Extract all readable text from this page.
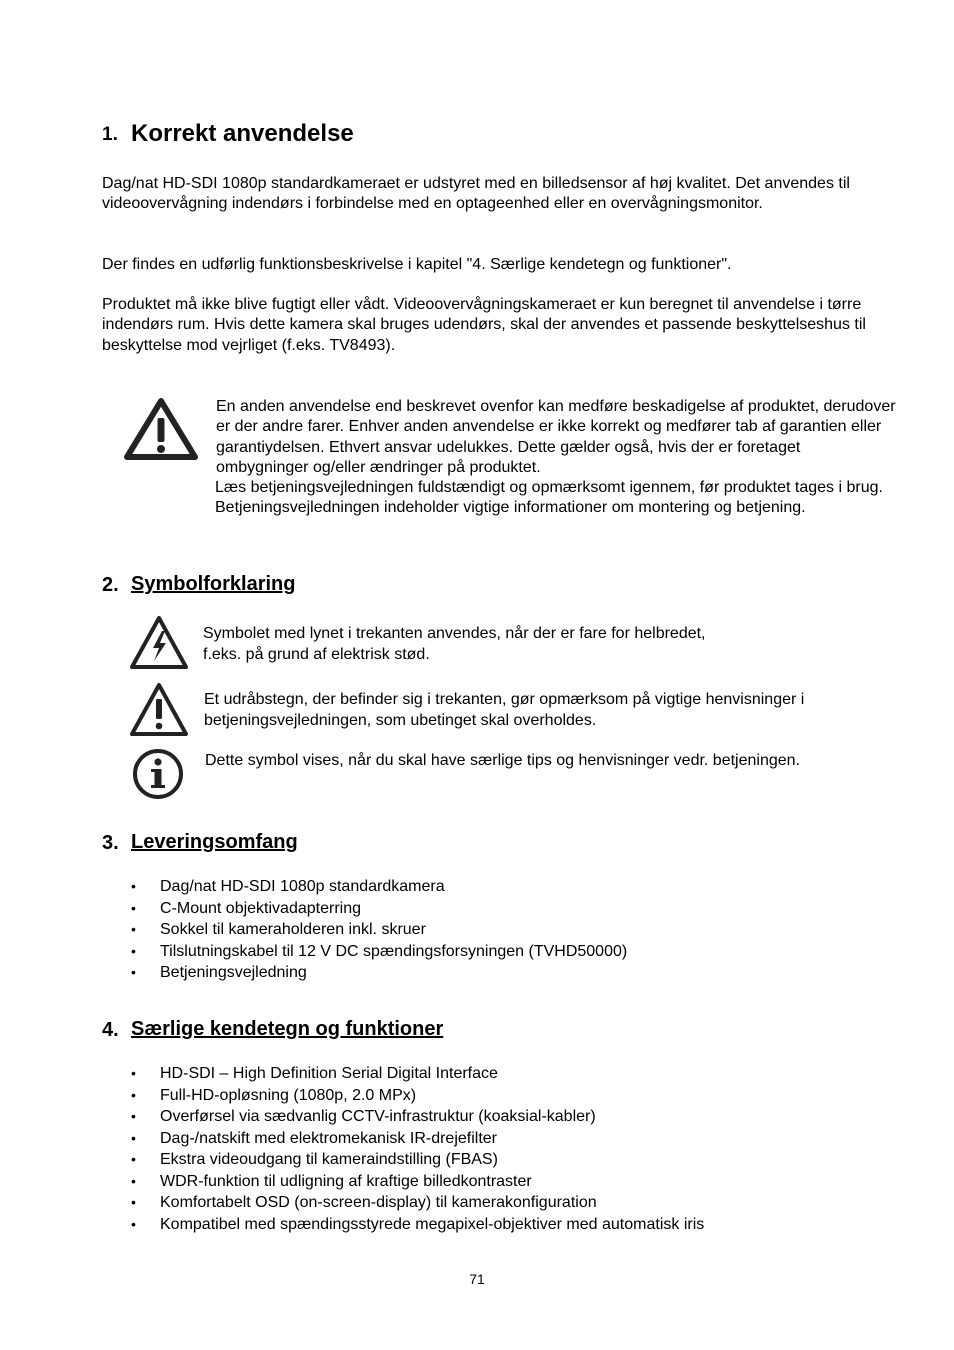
1. Korrekt anvendelse
Dag/nat HD-SDI 1080p standardkameraet er udstyret med en billedsensor af høj kvalitet. Det anvendes til videoovervågning indendørs i forbindelse med en optageenhed eller en overvågningsmonitor.
Der findes en udførlig funktionsbeskrivelse i kapitel "4. Særlige kendetegn og funktioner".
Produktet må ikke blive fugtigt eller vådt. Videoovervågningskameraet er kun beregnet til anvendelse i tørre indendørs rum. Hvis dette kamera skal bruges udendørs, skal der anvendes et passende beskyttelseshus til beskyttelse mod vejrliget (f.eks. TV8493).
En anden anvendelse end beskrevet ovenfor kan medføre beskadigelse af produktet, derudover er der andre farer. Enhver anden anvendelse er ikke korrekt og medfører tab af garantien eller garantiydelsen. Ethvert ansvar udelukkes. Dette gælder også, hvis der er foretaget ombygninger og/eller ændringer på produktet.
Læs betjeningsvejledningen fuldstændigt og opmærksomt igennem, før produktet tages i brug. Betjeningsvejledningen indeholder vigtige informationer om montering og betjening.
2. Symbolforklaring
Symbolet med lynet i trekanten anvendes, når der er fare for helbredet, f.eks. på grund af elektrisk stød.
Et udråbstegn, der befinder sig i trekanten, gør opmærksom på vigtige henvisninger i betjeningsvejledningen, som ubetinget skal overholdes.
Dette symbol vises, når du skal have særlige tips og henvisninger vedr. betjeningen.
3. Leveringsomfang
• Dag/nat HD-SDI 1080p standardkamera
• C-Mount objektivadapterring
• Sokkel til kameraholderen inkl. skruer
• Tilslutningskabel til 12 V DC spændingsforsyningen (TVHD50000)
• Betjeningsvejledning
4. Særlige kendetegn og funktioner
• HD-SDI – High Definition Serial Digital Interface
• Full-HD-opløsning (1080p, 2.0 MPx)
• Overførsel via sædvanlig CCTV-infrastruktur (koaksial-kabler)
• Dag-/natskift med elektromekanisk IR-drejefilter
• Ekstra videoudgang til kameraindstilling (FBAS)
• WDR-funktion til udligning af kraftige billedkontraster
• Komfortabelt OSD (on-screen-display) til kamerakonfiguration
• Kompatibel med spændingsstyrede megapixel-objektiver med automatisk iris
71
